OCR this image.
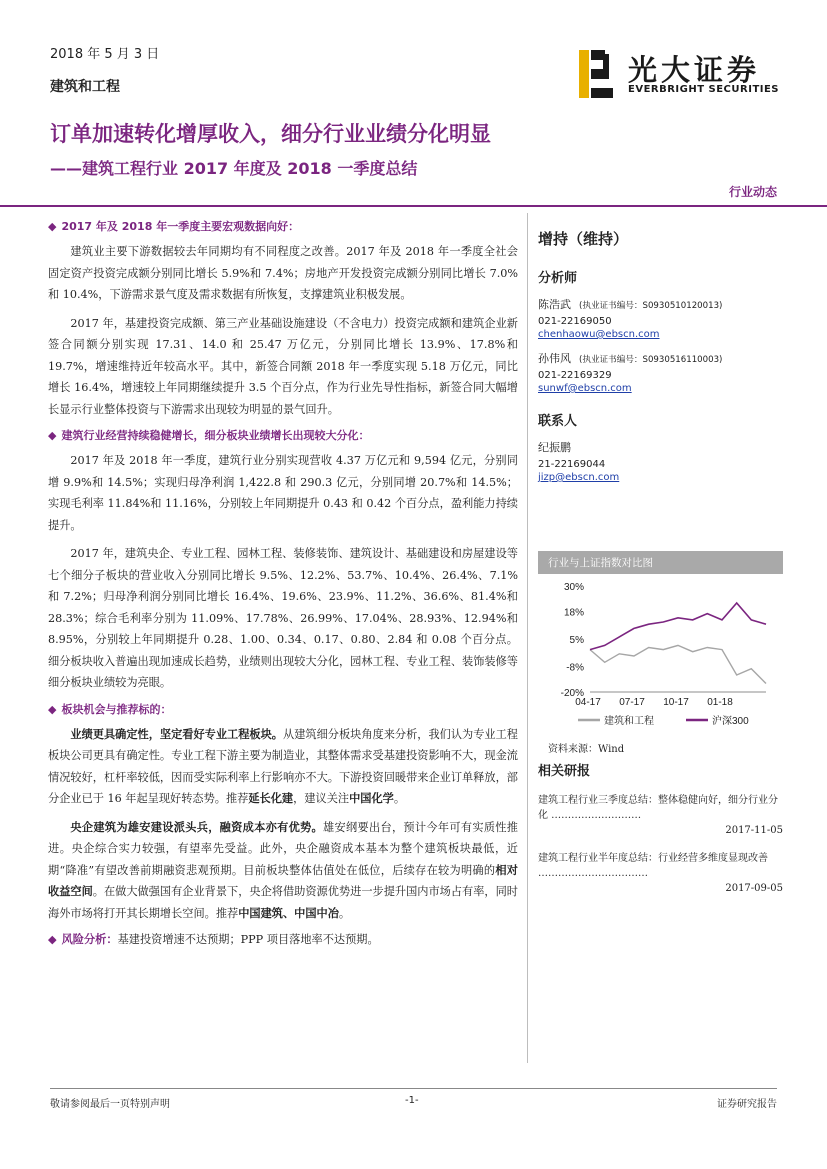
2018 年 5 月 3 日
建筑和工程	光大证券
EVERBRIGHT SECURITIES
订单加速转化增厚收入，细分行业业绩分化明显
——建筑工程行业 2017 年度及 2018 一季度总结
行业动态
◆ 2017 年及 2018 年一季度主要宏观数据向好：
建筑业主要下游数据较去年同期均有不同程度之改善。2017 年及 2018 年一季度全社会固定资产投资完成额分别同比增长 5.9%和 7.4%；房地产开发投资完成额分别同比增长 7.0%和 10.4%，下游需求景气度及需求数据有所恢复，支撑建筑业积极发展。
2017 年，基建投资完成额、第三产业基础设施建设（不含电力）投资完成额和建筑企业新签合同额分别实现 17.31、14.0 和 25.47 万亿元，分别同比增长 13.9%、17.8%和 19.7%，增速维持近年较高水平。其中，新签合同额 2018 年一季度实现 5.18 万亿元，同比增长 16.4%，增速较上年同期继续提升 3.5 个百分点，作为行业先导性指标，新签合同大幅增长显示行业整体投资与下游需求出现较为明显的景气回升。
◆ 建筑行业经营持续稳健增长，细分板块业绩增长出现较大分化：
2017 年及 2018 年一季度，建筑行业分别实现营收 4.37 万亿元和 9,594 亿元，分别同增 9.9%和 14.5%；实现归母净利润 1,422.8 和 290.3 亿元，分别同增 20.7%和 14.5%；实现毛利率 11.84%和 11.16%，分别较上年同期提升 0.43 和 0.42 个百分点，盈利能力持续提升。
2017 年，建筑央企、专业工程、园林工程、装修装饰、建筑设计、基础建设和房屋建设等七个细分子板块的营业收入分别同比增长 9.5%、12.2%、53.7%、10.4%、26.4%、7.1%和 7.2%；归母净利润分别同比增长 16.4%、19.6%、23.9%、11.2%、36.6%、81.4%和 28.3%；综合毛利率分别为 11.09%、17.78%、26.99%、17.04%、28.93%、12.94%和 8.95%，分别较上年同期提升 0.28、1.00、0.34、0.17、0.80、2.84 和 0.08 个百分点。细分板块收入普遍出现加速成长趋势，业绩则出现较大分化，园林工程、专业工程、装饰装修等细分板块业绩较为亮眼。
◆ 板块机会与推荐标的：
业绩更具确定性，坚定看好专业工程板块。从建筑细分板块角度来分析，我们认为专业工程板块公司更具有确定性。专业工程下游主要为制造业，其整体需求受基建投资影响不大，现金流情况较好，杠杆率较低，因而受实际利率上行影响亦不大。下游投资回暖带来企业订单释放，部分企业已于 16 年起呈现好转态势。推荐延长化建，建议关注中国化学。
央企建筑为雄安建设派头兵，融资成本亦有优势。雄安纲要出台，预计今年可有实质性推进。央企综合实力较强，有望率先受益。此外，央企融资成本基本为整个建筑板块最低，近期“降准”有望改善前期融资悲观预期。目前板块整体估值处在低位，后续存在较为明确的相对收益空间。在做大做强国有企业背景下，央企将借助资源优势进一步提升国内市场占有率，同时海外市场将打开其长期增长空间。推荐中国建筑、中国中冶。
◆ 风险分析：基建投资增速不达预期；PPP 项目落地率不达预期。
增持（维持）
分析师
陈浩武 (执业证书编号：S0930510120013)
021-22169050
chenhaowu@ebscn.com
孙伟风 (执业证书编号：S0930516110003)
021-22169329
sunwf@ebscn.com
联系人
纪振鹏
21-22169044
jizp@ebscn.com
行业与上证指数对比图
30%
18%
5%
-8%
-20%
04-17 07-17 10-17 01-18
建筑和工程	沪深300
资料来源：Wind
相关研报
建筑工程行业三季度总结：整体稳健向好，细分行业分化 ………………………
2017-11-05
建筑工程行业半年度总结：行业经营多维度显现改善 ……………………………
2017-09-05
敬请参阅最后一页特别声明	-1-	证券研究报告
